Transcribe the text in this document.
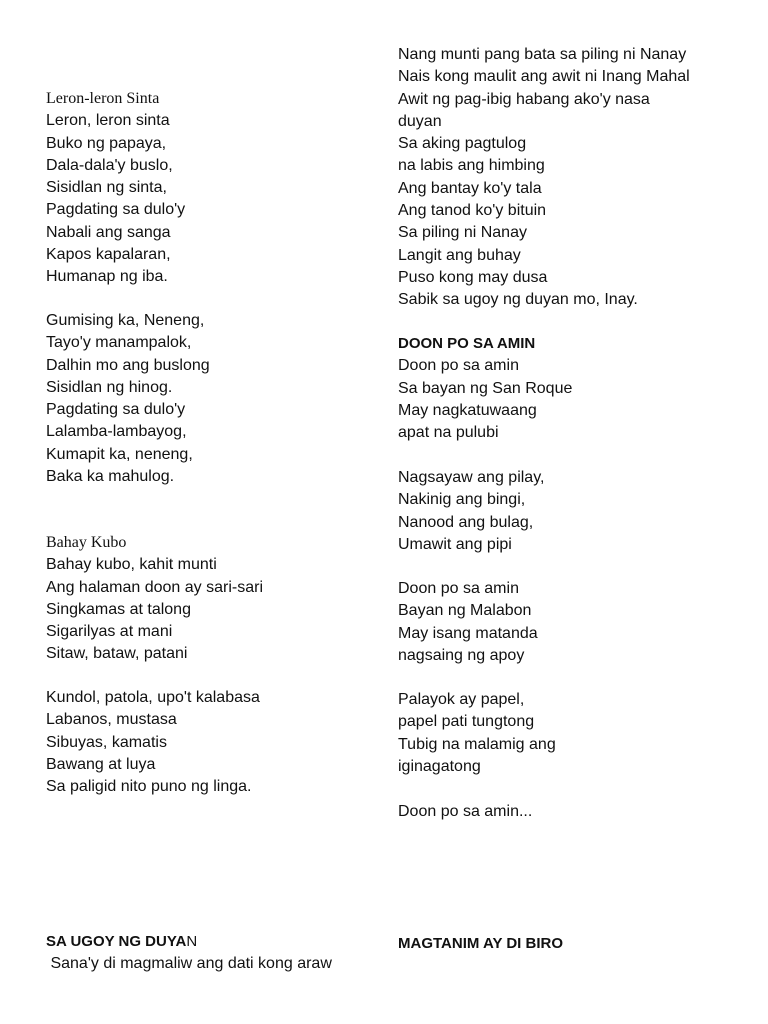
Leron-leron Sinta
Leron, leron sinta
Buko ng papaya,
Dala-dala'y buslo,
Sisidlan ng sinta,
Pagdating sa dulo'y
Nabali ang sanga
Kapos kapalaran,
Humanap ng iba.
Gumising ka, Neneng,
Tayo'y manampalok,
Dalhin mo ang buslong
Sisidlan ng hinog.
Pagdating sa dulo'y
Lalamba-lambayog,
Kumapit ka, neneng,
Baka ka mahulog.
Bahay Kubo
Bahay kubo, kahit munti
Ang halaman doon ay sari-sari
Singkamas at talong
Sigarilyas at mani
Sitaw, bataw, patani
Kundol, patola, upo't kalabasa
Labanos, mustasa
Sibuyas, kamatis
Bawang at luya
Sa paligid nito puno ng linga.
SA UGOY NG DUYAN
Sana'y di magmaliw ang dati kong araw
Nang munti pang bata sa piling ni Nanay
Nais kong maulit ang awit ni Inang Mahal
Awit ng pag-ibig habang ako'y nasa
duyan
Sa aking pagtulog
na labis ang himbing
Ang bantay ko'y tala
Ang tanod ko'y bituin
Sa piling ni Nanay
Langit ang buhay
Puso kong may dusa
Sabik sa ugoy ng duyan mo, Inay.
DOON PO SA AMIN
Doon po sa amin
Sa bayan ng San Roque
May nagkatuwaang
apat na pulubi
Nagsayaw ang pilay,
Nakinig ang bingi,
Nanood ang bulag,
Umawit ang pipi
Doon po sa amin
Bayan ng Malabon
May isang matanda
nagsaing ng apoy
Palayok ay papel,
papel pati tungtong
Tubig na malamig ang
iginagatong
Doon po sa amin...
MAGTANIM AY DI BIRO
